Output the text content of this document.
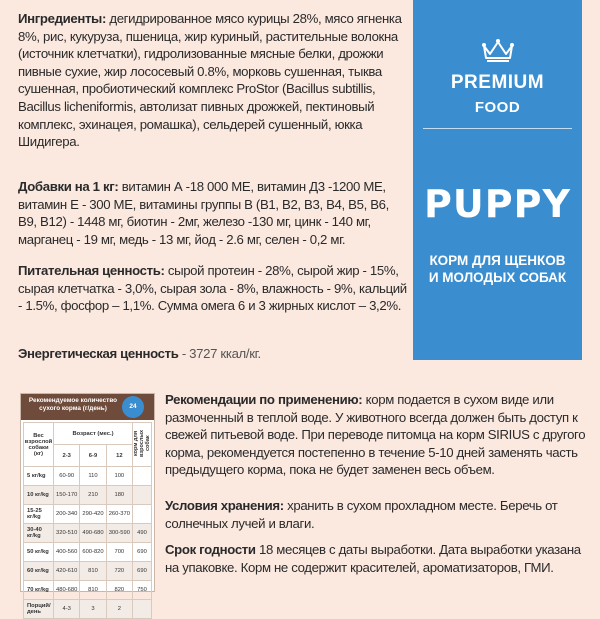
Ингредиенты: дегидрированное мясо курицы 28%, мясо ягненка 8%, рис, кукуруза, пшеница, жир куриный, растительные волокна (источник клетчатки), гидролизованные мясные белки, дрожжи пивные сухие, жир лососевый 0.8%, морковь сушенная, тыква сушенная, пробиотический комплекс ProStor (Bacillus subtillis, Bacillus licheniformis, автолизат пивных дрожжей, пектиновый комплекс, эхинацея, ромашка), сельдерей сушенный, юкка Шидигера.
Добавки на 1 кг: витамин А -18 000 МЕ, витамин Д3 -1200 МЕ, витамин Е - 300 МЕ, витамины группы В (В1, В2, В3, В4, В5, В6, В9, В12) - 1448 мг, биотин - 2мг, железо -130 мг, цинк - 140 мг, марганец - 19 мг, медь - 13 мг, йод - 2.6 мг, селен - 0,2 мг.
Питательная ценность: сырой протеин - 28%, сырой жир - 15%, сырая клетчатка - 3,0%, сырая зола - 8%, влажность - 9%, кальций - 1.5%, фосфор – 1,1%. Сумма омега 6 и 3 жирных кислот – 3,2%.
Энергетическая ценность - 3727 ккал/кг.
PREMIUM
FOOD
PUPPY
КОРМ ДЛЯ ЩЕНКОВ И МОЛОДЫХ СОБАК
Рекомендуемое количество сухого корма (г/день)	24
Вес взрослой собаки (кг)	Возраст (мес.)			корм для взрослых собак
	2-3	6-9	12	
5 кг/kg	60-90	110	100	
10 кг/kg	150-170	210	180	
15-25 кг/kg	200-340	290-420	260-370	
30-40 кг/kg	320-510	490-680	300-590	490
50 кг/kg	400-560	600-820	700	690
60 кг/kg	420-610	810	720	690
70 кг/kg	480-680	810	820	750
Порций/день	4-3	3	2	
Рекомендации по применению: корм подается в сухом виде или размоченный в теплой воде. У животного всегда должен быть доступ к свежей питьевой воде. При переводе питомца на корм SIRIUS с другого корма, рекомендуется постепенно в течение 5-10 дней заменять часть предыдущего корма, пока не будет заменен весь объем.
Условия хранения: хранить в сухом прохладном месте. Беречь от солнечных лучей и влаги.
Срок годности 18 месяцев с даты выработки. Дата выработки указана на упаковке. Корм не содержит красителей, ароматизаторов, ГМИ.
